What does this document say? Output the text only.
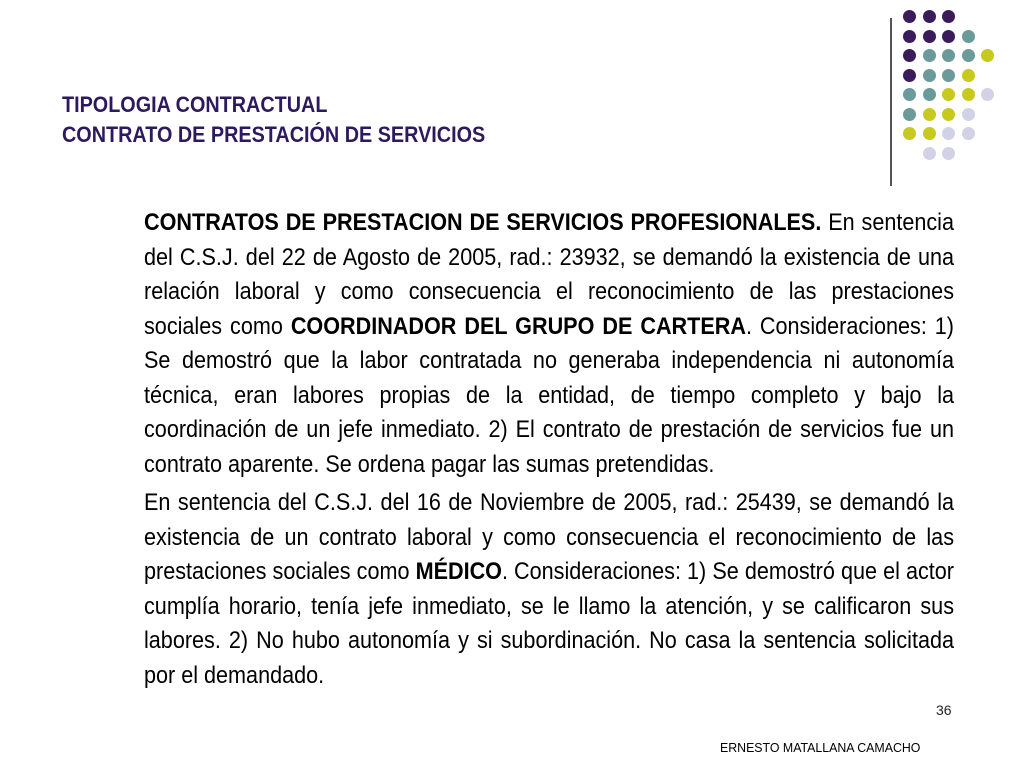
TIPOLOGIA CONTRACTUAL
CONTRATO DE PRESTACIÓN DE SERVICIOS

CONTRATOS DE PRESTACION DE SERVICIOS PROFESIONALES. En sentencia del C.S.J. del 22 de Agosto de 2005, rad.: 23932, se demandó la existencia de una relación laboral y como consecuencia el reconocimiento de las prestaciones sociales como COORDINADOR DEL GRUPO DE CARTERA. Consideraciones: 1) Se demostró que la labor contratada no generaba independencia ni autonomía técnica, eran labores propias de la entidad, de tiempo completo y bajo la coordinación de un jefe inmediato. 2) El contrato de prestación de servicios fue un contrato aparente. Se ordena pagar las sumas pretendidas.

En sentencia del C.S.J. del 16 de Noviembre de 2005, rad.: 25439, se demandó la existencia de un contrato laboral y como consecuencia el reconocimiento de las prestaciones sociales como MÉDICO. Consideraciones: 1) Se demostró que el actor cumplía horario, tenía jefe inmediato, se le llamo la atención, y se calificaron sus labores. 2) No hubo autonomía y si subordinación. No casa la sentencia solicitada por el demandado.

36
ERNESTO MATALLANA CAMACHO
